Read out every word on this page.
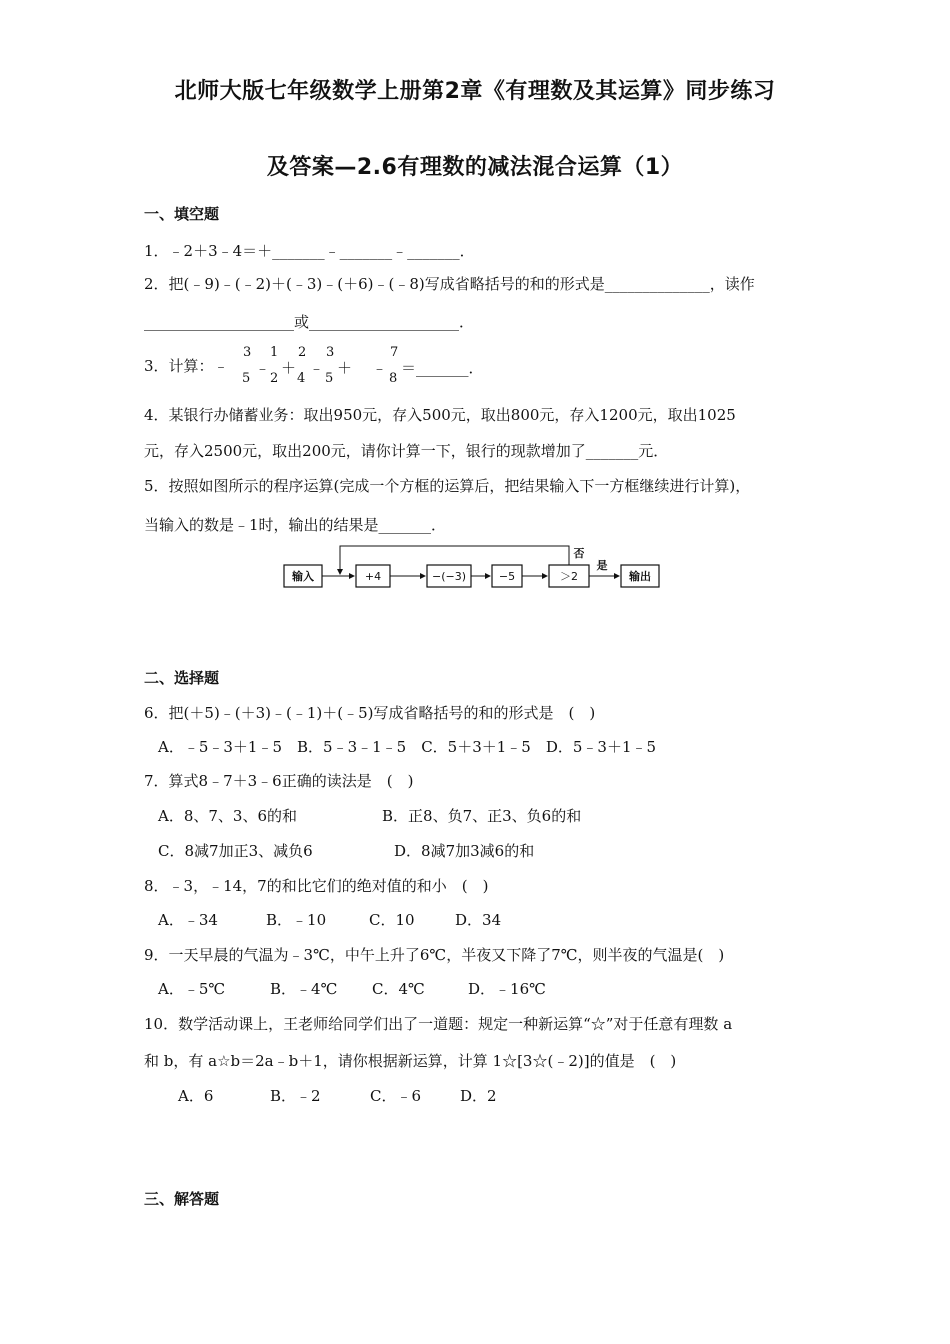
北师大版七年级数学上册第2章《有理数及其运算》同步练习
及答案—2.6有理数的减法混合运算（1）
一、填空题
1．﹣2＋3﹣4＝＋_______﹣_______﹣_______．
2．把(﹣9)﹣(﹣2)＋(﹣3)﹣(＋6)﹣(﹣8)写成省略括号的和的形式是______________，读作
____________________或____________________．
3．计算：﹣
3
5
﹣
1
2
＋
2
4
﹣
3
5
＋ ﹣
7
8
＝_______．
4．某银行办储蓄业务：取出950元，存入500元，取出800元，存入1200元，取出1025
元，存入2500元，取出200元，请你计算一下，银行的现款增加了_______元．
5．按照如图所示的程序运算(完成一个方框的运算后，把结果输入下一方框继续进行计算)，
当输入的数是﹣1时，输出的结果是_______．
输入	+4	−(−3)	−5	＞2
是
输出
否
二、选择题
6．把(＋5)﹣(＋3)﹣(﹣1)＋(﹣5)写成省略括号的和的形式是　(　)
A．﹣5﹣3＋1﹣5　B．5﹣3﹣1﹣5　C．5＋3＋1﹣5　D．5﹣3＋1﹣5
7．算式8﹣7＋3﹣6正确的读法是　(　)
A．8、7、3、6的和	B．正8、负7、正3、负6的和
C．8减7加正3、减负6	D．8减7加3减6的和
8．﹣3，﹣14，7的和比它们的绝对值的和小　(　)
A．﹣34	B．﹣10	C．10	D．34
9．一天早晨的气温为﹣3℃，中午上升了6℃，半夜又下降了7℃，则半夜的气温是(　)
A．﹣5℃	B．﹣4℃ C．4℃	D．﹣16℃
10．数学活动课上，王老师给同学们出了一道题：规定一种新运算“☆”对于任意有理数 a
和 b，有 a☆b＝2a﹣b＋1，请你根据新运算，计算 1☆[3☆(﹣2)]的值是　(　)
A．6	B．﹣2	C．﹣6	D．2
三、解答题
